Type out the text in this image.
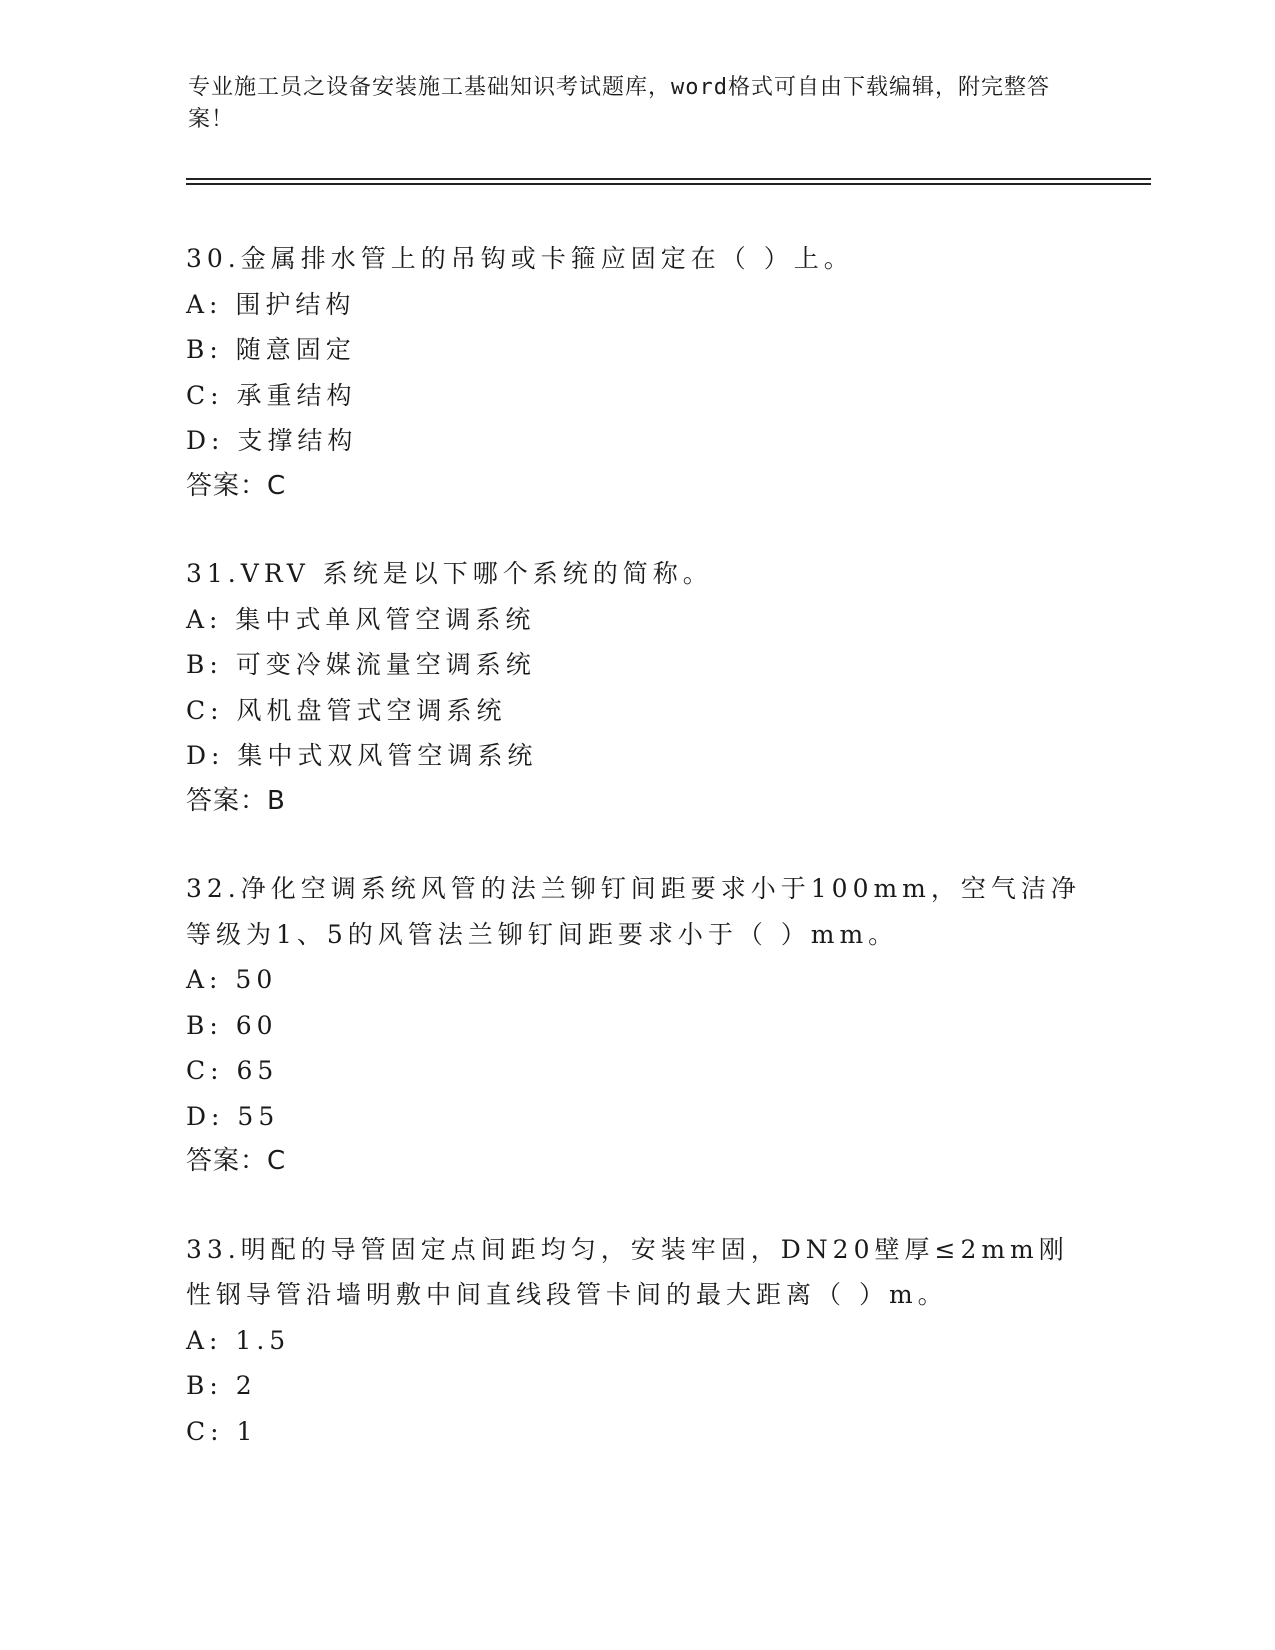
专业施工员之设备安装施工基础知识考试题库，word格式可自由下载编辑，附完整答案！

30.金属排水管上的吊钩或卡箍应固定在（ ）上。

A: 围护结构

B: 随意固定

C: 承重结构

D: 支撑结构

答案：C

31.VRV 系统是以下哪个系统的简称。

A: 集中式单风管空调系统

B: 可变冷媒流量空调系统

C: 风机盘管式空调系统

D: 集中式双风管空调系统

答案：B

32.净化空调系统风管的法兰铆钉间距要求小于100mm，空气洁净等级为1、5的风管法兰铆钉间距要求小于（ ）mm。

A: 50

B: 60

C: 65

D: 55

答案：C

33.明配的导管固定点间距均匀，安装牢固，DN20壁厚≤2mm刚性钢导管沿墙明敷中间直线段管卡间的最大距离（ ）m。

A: 1.5

B: 2

C: 1
